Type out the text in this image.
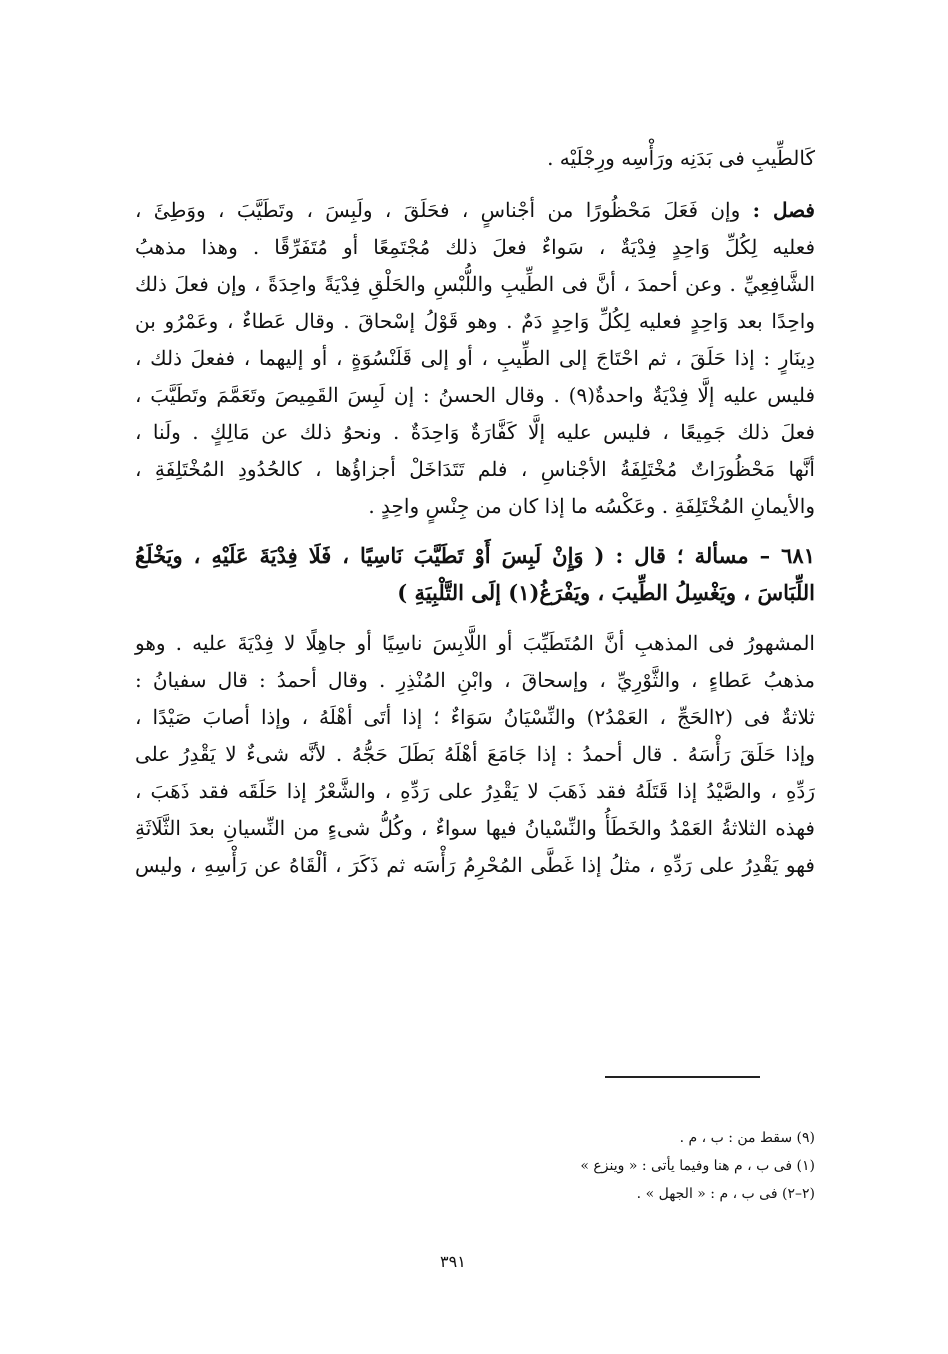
كَالطِّيبِ فى بَدَنِه ورَأْسِه ورِجْلَيْه .
فصل : وإن فَعَلَ مَحْظُورًا من أجْناسٍ ، فحَلَقَ ، ولَبِسَ ، وتَطَيَّبَ ، ووَطِئَ ،
فعليه لِكُلِّ وَاحِدٍ فِدْيَةٌ ، سَواءٌ فعلَ ذلك مُجْتَمِعًا أو مُتَفَرِّقًا . وهذا مذهبُ
الشَّافِعِيِّ . وعن أحمدَ ، أنَّ فى الطِّيبِ واللُّبْسِ والحَلْقِ فِدْيَةً واحِدَةً ، وإن فعلَ ذلك
واحِدًا بعد وَاحِدٍ فعليه لِكُلِّ وَاحِدٍ دَمٌ . وهو قَوْلُ إسْحاقَ . وقال عَطاءٌ ، وعَمْرُو بن
دِينَارٍ : إذا حَلَقَ ، ثم احْتَاجَ إلى الطِّيبِ ، أو إلى قَلَنْسُوَةٍ ، أو إليهما ، ففعلَ ذلك ،
فليس عليه إلَّا فِدْيَةٌ واحدةٌ(٩) . وقال الحسنُ : إن لَبِسَ القَمِيصَ وتَعَمَّمَ وتَطَيَّبَ ،
فعلَ ذلك جَمِيعًا ، فليس عليه إلَّا كَفَّارَةٌ وَاحِدَةٌ . ونحوُ ذلك عن مَالِكٍ . ولَنا ،
أنَّها مَحْظُورَاتٌ مُخْتَلِفَةُ الأجْناسِ ، فلم تَتَدَاخَلْ أجزاؤُها ، كالحُدُودِ المُخْتَلِفَةِ ،
والأيمانِ المُخْتَلِفَةِ . وعَكْسُه ما إذا كان من جِنْسٍ واحِدٍ .
٦٨١ – مسألة ؛ قال : ( وَإِنْ لَبِسَ أَوْ تَطَيَّبَ نَاسِيًا ، فَلَا فِدْيَةَ عَلَيْهِ ، ويَخْلَعُ
اللِّبَاسَ ، ويَغْسِلُ الطِّيبَ ، ويَفْرَغُ(١) إلَى التَّلْبِيَةِ )
المشهورُ فى المذهبِ أنَّ المُتَطَيِّبَ أو اللَّابِسَ ناسِيًا أو جاهِلًا لا فِدْيَةَ عليه . وهو
مذهبُ عَطاءٍ ، والثَّوْرِيِّ ، وإسحاقَ ، وابْنِ المُنْذِرِ . وقال أحمدُ : قال سفيانُ :
ثلاثةٌ فى (٢الحَجِّ ، العَمْدُ٢) والنِّسْيَانُ سَوَاءٌ ؛ إذا أتَى أهْلَهُ ، وإذا أصابَ صَيْدًا ،
وإذا حَلَقَ رَأْسَهُ . قال أحمدُ : إذا جَامَعَ أهْلَهُ بَطَلَ حَجُّهُ . لأنَّه شىءٌ لا يَقْدِرُ على
رَدِّهِ ، والصَّيْدُ إذا قَتَلَهُ فقد ذَهَبَ لا يَقْدِرُ على رَدِّهِ ، والشَّعْرُ إذا حَلَقَه فقد ذَهَبَ ،
فهذه الثلاثةُ العَمْدُ والخَطَأُ والنِّسْيانُ فيها سواءٌ ، وكُلُّ شىءٍ من النِّسيانِ بعدَ الثَّلَاثَةِ
فهو يَقْدِرُ على رَدِّهِ ، مثلُ إذا غَطَّى المُحْرِمُ رَأْسَه ثم ذَكَرَ ، ألْقَاهُ عن رَأْسِهِ ، وليس
(٩) سقط من : ب ، م .
(١) فى ب ، م هنا وفيما يأتى : « وينزع »
(٢–٢) فى ب ، م : « الجهل » .
٣٩١
